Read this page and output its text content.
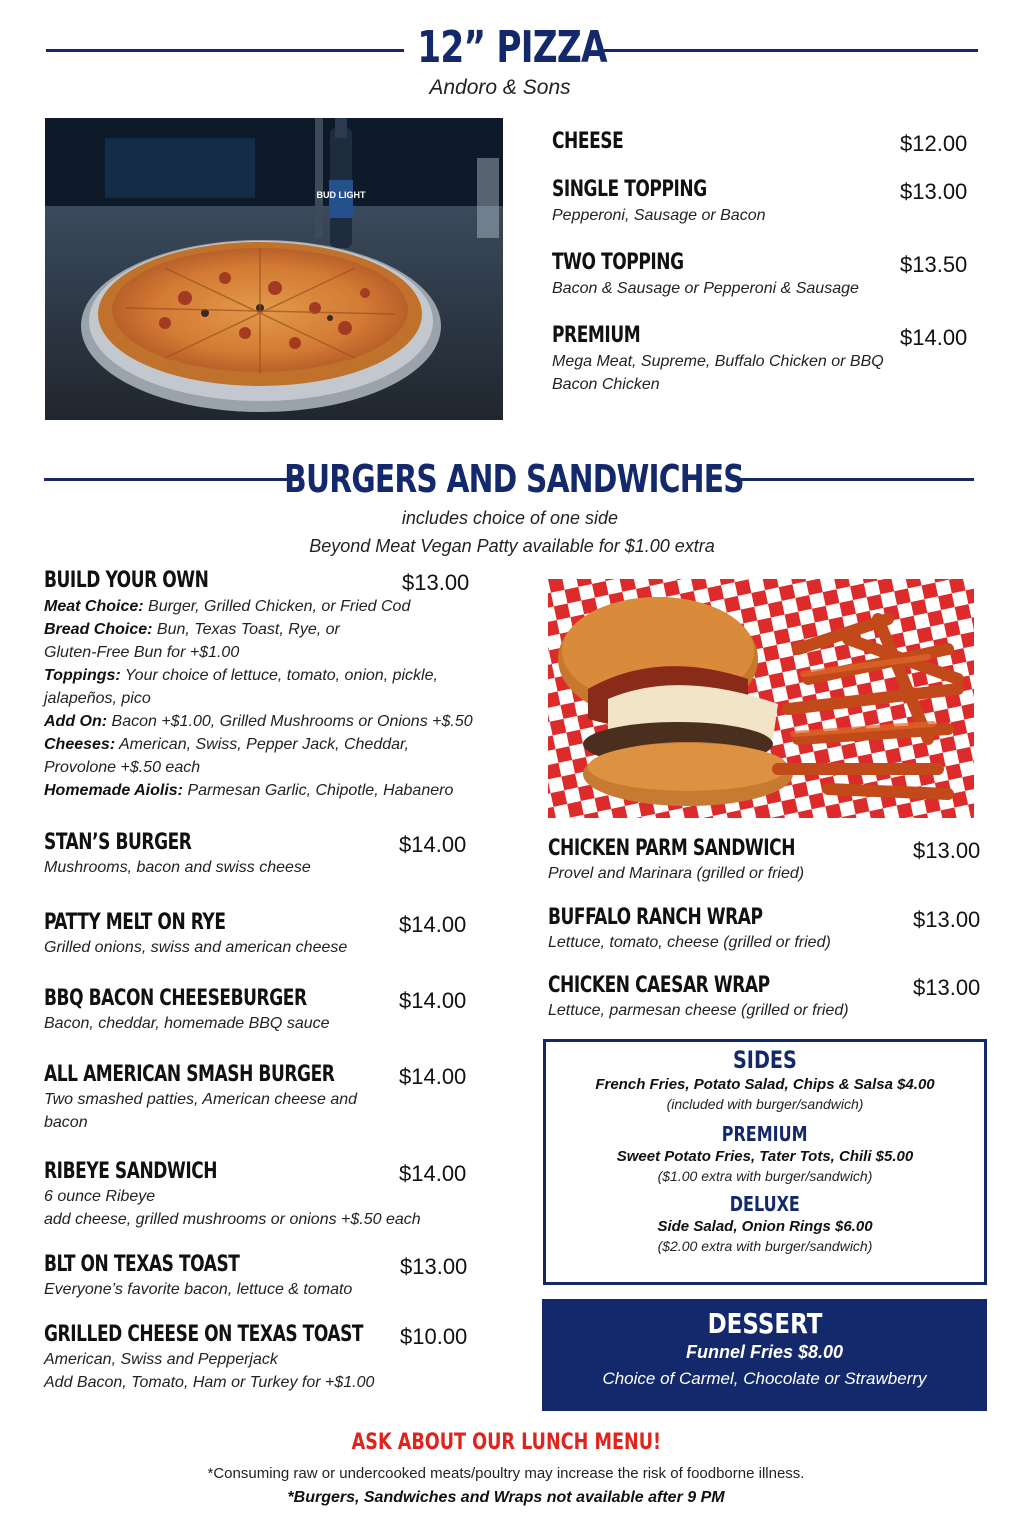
12” PIZZA
Andoro & Sons
BUD LIGHT
CHEESE	$12.00
SINGLE TOPPING	$13.00
Pepperoni, Sausage or Bacon
TWO TOPPING	$13.50
Bacon & Sausage or Pepperoni & Sausage
PREMIUM	$14.00
Mega Meat, Supreme, Buffalo Chicken or BBQ
Bacon Chicken
BURGERS AND SANDWICHES
includes choice of one side
Beyond Meat Vegan Patty available for $1.00 extra
BUILD YOUR OWN	$13.00
Meat Choice: Burger, Grilled Chicken, or Fried Cod
Bread Choice: Bun, Texas Toast, Rye, or
Gluten-Free Bun for +$1.00
Toppings: Your choice of lettuce, tomato, onion, pickle,
jalapeños, pico
Add On: Bacon +$1.00, Grilled Mushrooms or Onions +$.50
Cheeses: American, Swiss, Pepper Jack, Cheddar,
Provolone +$.50 each
Homemade Aiolis: Parmesan Garlic, Chipotle, Habanero
STAN’S BURGER	$14.00
Mushrooms, bacon and swiss cheese
PATTY MELT ON RYE	$14.00
Grilled onions, swiss and american cheese
BBQ BACON CHEESEBURGER	$14.00
Bacon, cheddar, homemade BBQ sauce
ALL AMERICAN SMASH BURGER	$14.00
Two smashed patties, American cheese and
bacon
RIBEYE SANDWICH	$14.00
6 ounce Ribeye
add cheese, grilled mushrooms or onions +$.50 each
BLT ON TEXAS TOAST	$13.00
Everyone’s favorite bacon, lettuce & tomato
GRILLED CHEESE ON TEXAS TOAST $10.00
American, Swiss and Pepperjack
Add Bacon, Tomato, Ham or Turkey for +$1.00
CHICKEN PARM SANDWICH	$13.00
Provel and Marinara (grilled or fried)
BUFFALO RANCH WRAP	$13.00
Lettuce, tomato, cheese (grilled or fried)
CHICKEN CAESAR WRAP	$13.00
Lettuce, parmesan cheese (grilled or fried)
SIDES
French Fries, Potato Salad, Chips & Salsa $4.00
(included with burger/sandwich)
PREMIUM
Sweet Potato Fries, Tater Tots, Chili $5.00
($1.00 extra with burger/sandwich)
DELUXE
Side Salad, Onion Rings $6.00
($2.00 extra with burger/sandwich)
DESSERT
Funnel Fries $8.00
Choice of Carmel, Chocolate or Strawberry
ASK ABOUT OUR LUNCH MENU!
*Consuming raw or undercooked meats/poultry may increase the risk of foodborne illness.
*Burgers, Sandwiches and Wraps not available after 9 PM
